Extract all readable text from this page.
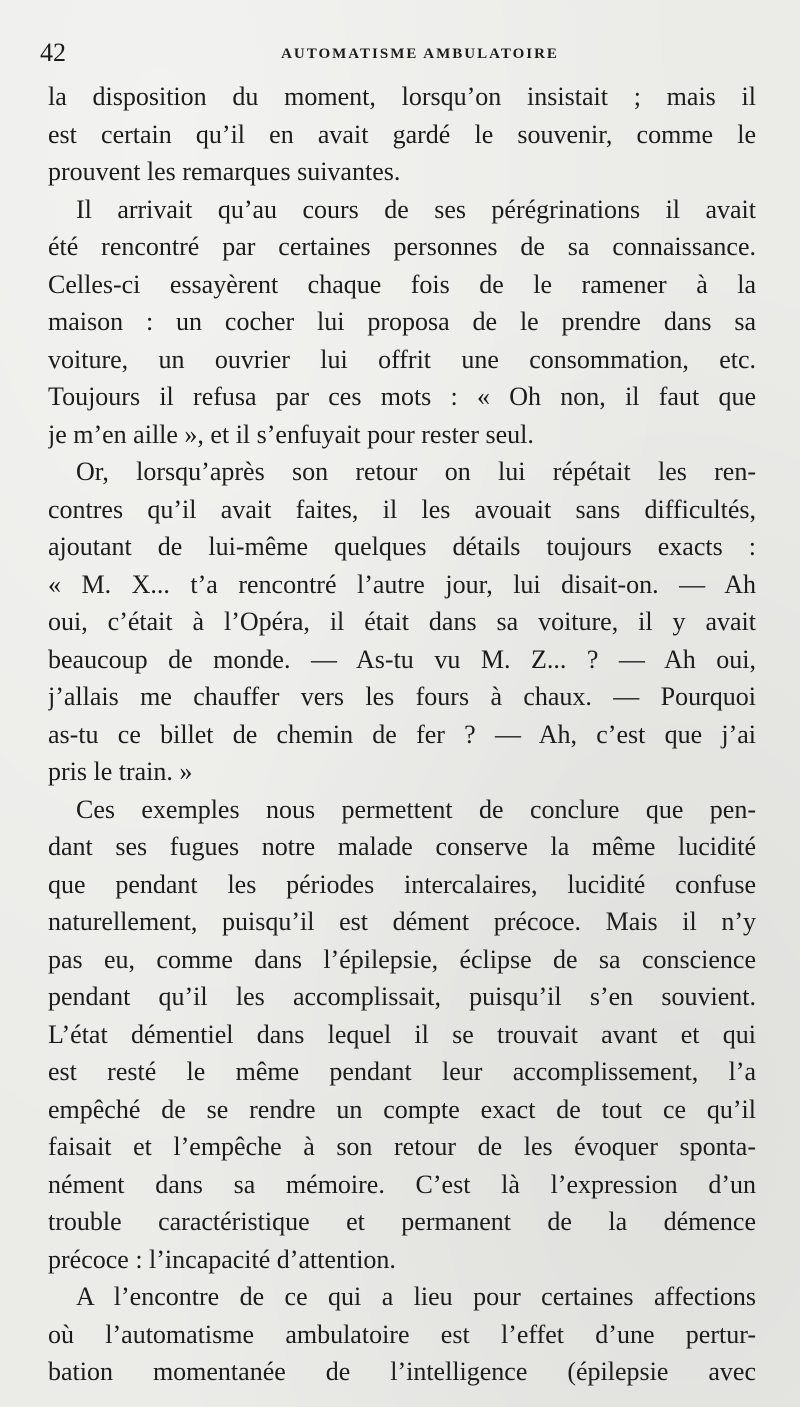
42	AUTOMATISME AMBULATOIRE
la disposition du moment, lorsqu’on insistait ; mais il
est certain qu’il en avait gardé le souvenir, comme le
prouvent les remarques suivantes.
Il arrivait qu’au cours de ses pérégrinations il avait
été rencontré par certaines personnes de sa connaissance.
Celles-ci essayèrent chaque fois de le ramener à la
maison : un cocher lui proposa de le prendre dans sa
voiture, un ouvrier lui offrit une consommation, etc.
Toujours il refusa par ces mots : « Oh non, il faut que
je m’en aille », et il s’enfuyait pour rester seul.
Or, lorsqu’après son retour on lui répétait les ren-
contres qu’il avait faites, il les avouait sans difficultés,
ajoutant de lui-même quelques détails toujours exacts :
« M. X... t’a rencontré l’autre jour, lui disait-on. — Ah
oui, c’était à l’Opéra, il était dans sa voiture, il y avait
beaucoup de monde. — As-tu vu M. Z... ? — Ah oui,
j’allais me chauffer vers les fours à chaux. — Pourquoi
as-tu ce billet de chemin de fer ? — Ah, c’est que j’ai
pris le train. »
Ces exemples nous permettent de conclure que pen-
dant ses fugues notre malade conserve la même lucidité
que pendant les périodes intercalaires, lucidité confuse
naturellement, puisqu’il est dément précoce. Mais il n’y
pas eu, comme dans l’épilepsie, éclipse de sa conscience
pendant qu’il les accomplissait, puisqu’il s’en souvient.
L’état démentiel dans lequel il se trouvait avant et qui
est resté le même pendant leur accomplissement, l’a
empêché de se rendre un compte exact de tout ce qu’il
faisait et l’empêche à son retour de les évoquer sponta-
nément dans sa mémoire. C’est là l’expression d’un
trouble caractéristique et permanent de la démence
précoce : l’incapacité d’attention.
A l’encontre de ce qui a lieu pour certaines affections
où l’automatisme ambulatoire est l’effet d’une pertur-
bation momentanée de l’intelligence (épilepsie avec
